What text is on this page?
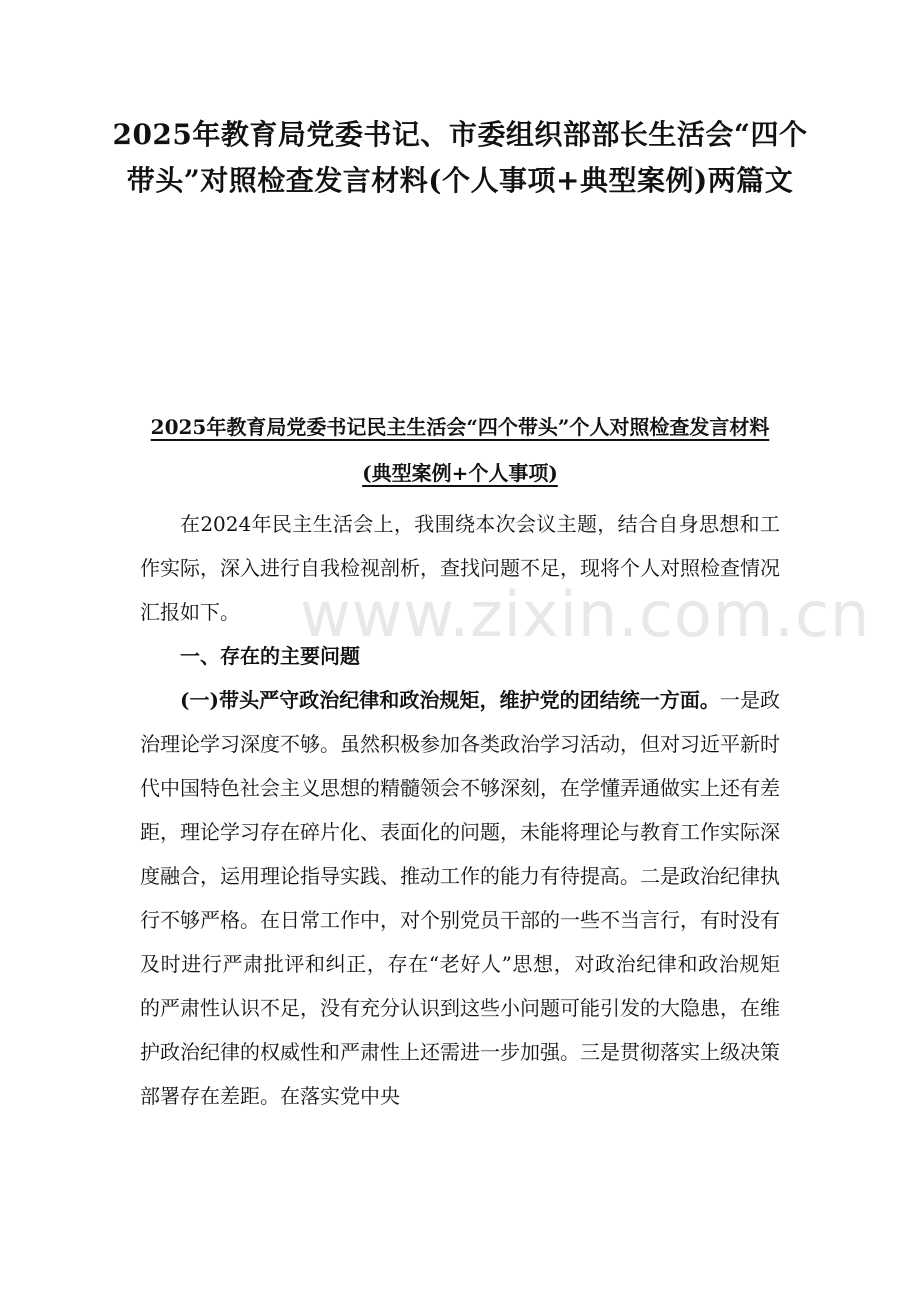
2025年教育局党委书记、市委组织部部长生活会“四个带头”对照检查发言材料(个人事项+典型案例)两篇文
2025年教育局党委书记民主生活会“四个带头”个人对照检查发言材料(典型案例+个人事项)

在2024年民主生活会上，我围绕本次会议主题，结合自身思想和工作实际，深入进行自我检视剖析，查找问题不足，现将个人对照检查情况汇报如下。

一、存在的主要问题

(一)带头严守政治纪律和政治规矩，维护党的团结统一方面。一是政治理论学习深度不够。虽然积极参加各类政治学习活动，但对习近平新时代中国特色社会主义思想的精髓领会不够深刻，在学懂弄通做实上还有差距，理论学习存在碎片化、表面化的问题，未能将理论与教育工作实际深度融合，运用理论指导实践、推动工作的能力有待提高。二是政治纪律执行不够严格。在日常工作中，对个别党员干部的一些不当言行，有时没有及时进行严肃批评和纠正，存在“老好人”思想，对政治纪律和政治规矩的严肃性认识不足，没有充分认识到这些小问题可能引发的大隐患，在维护政治纪律的权威性和严肃性上还需进一步加强。三是贯彻落实上级决策部署存在差距。在落实党中央

www.zixin.com.cn
